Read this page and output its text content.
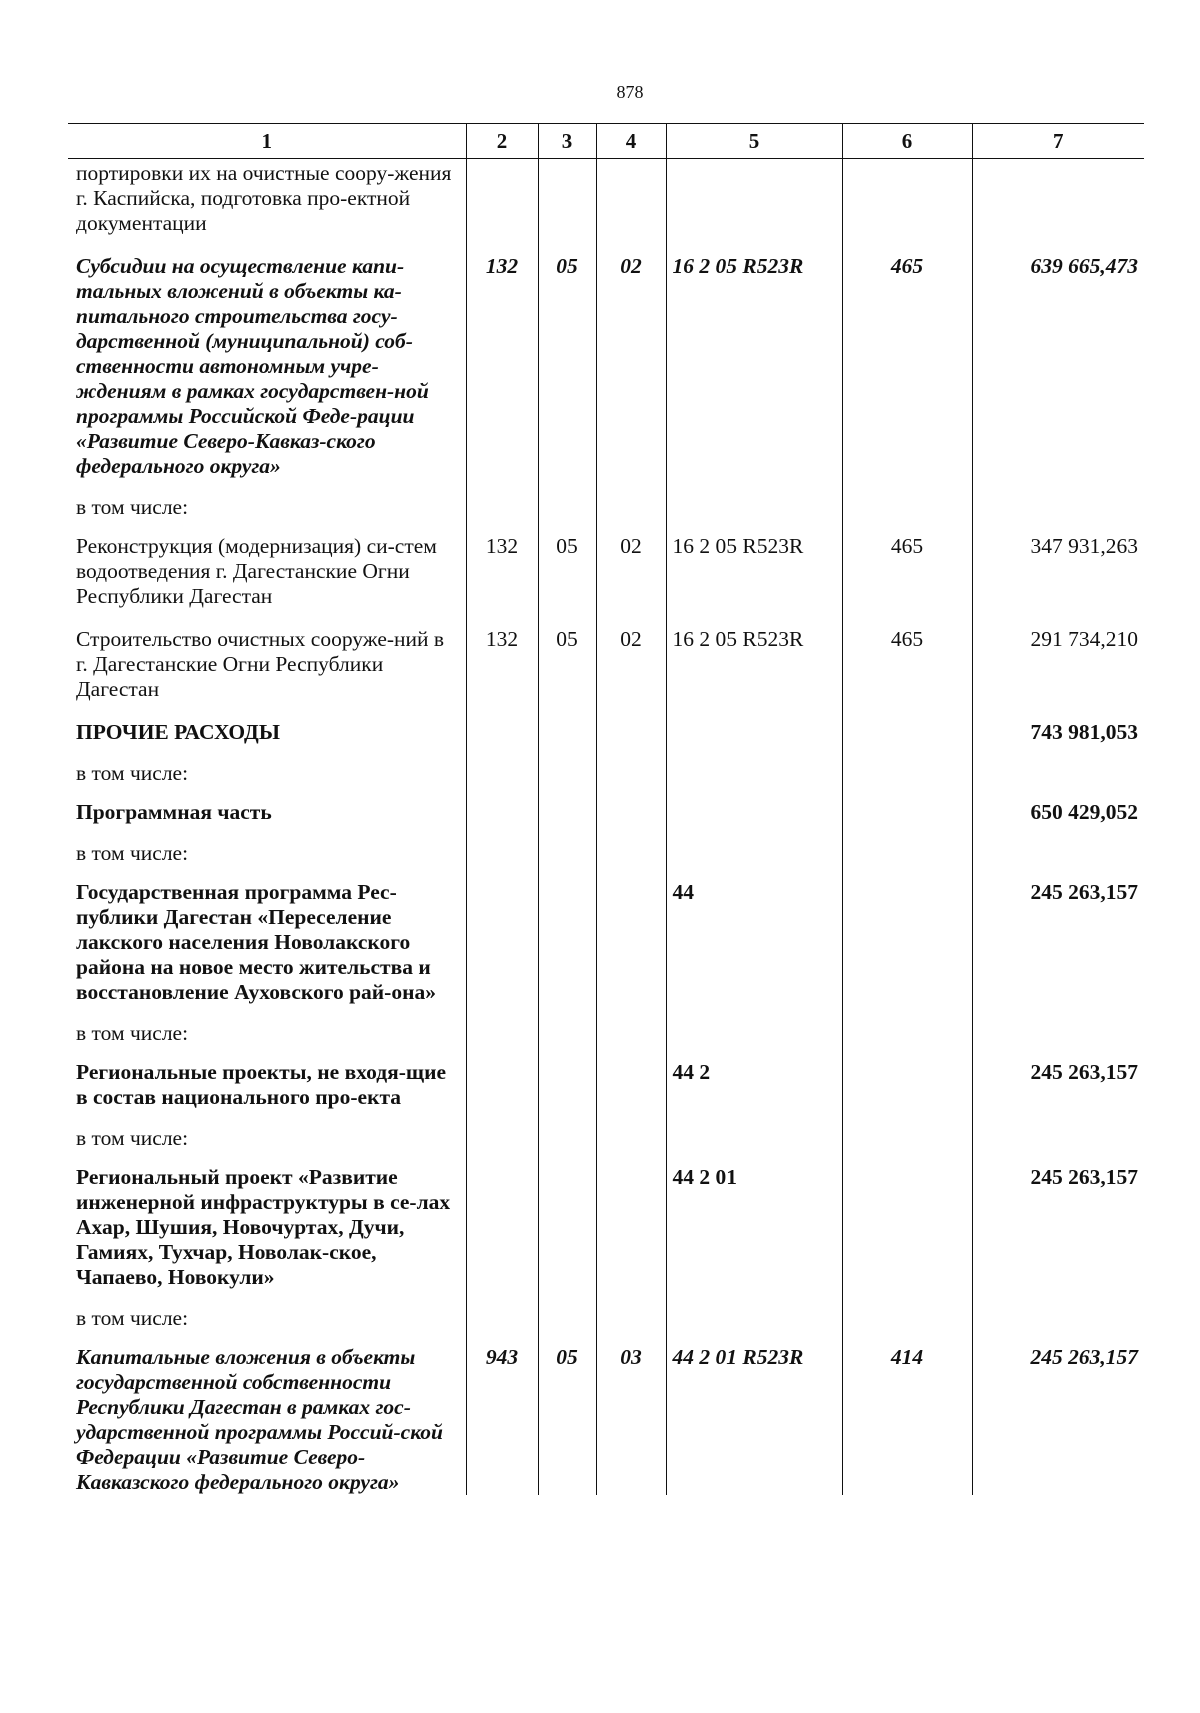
878
1	2	3	4	5	6	7
портировки их на очистные соору-жения г. Каспийска, подготовка про-ектной документации						
Субсидии на осуществление капи-тальных вложений в объекты ка-питального строительства госу-дарственной (муниципальной) соб-ственности автономным учре-ждениям в рамках государствен-ной программы Российской Феде-рации «Развитие Северо-Кавказ-ского федерального округа»	132	05	02	16 2 05 R523R	465	639 665,473
в том числе:						
Реконструкция (модернизация) си-стем водоотведения г. Дагестанские Огни Республики Дагестан	132	05	02	16 2 05 R523R	465	347 931,263
Строительство очистных сооруже-ний в
г. Дагестанские Огни Республики Дагестан	132	05	02	16 2 05 R523R	465	291 734,210
ПРОЧИЕ РАСХОДЫ						743 981,053
в том числе:						
Программная часть						650 429,052
в том числе:						
Государственная программа Рес-публики Дагестан «Переселение лакского населения Новолакского района на новое место жительства и восстановление Ауховского рай-она»				44		245 263,157
в том числе:						
Региональные проекты, не входя-щие в состав национального про-екта				44 2		245 263,157
в том числе:						
Региональный проект «Развитие инженерной инфраструктуры в се-лах Ахар, Шушия, Новочуртах, Дучи, Гамиях, Тухчар, Новолак-ское, Чапаево, Новокули»				44 2 01		245 263,157
в том числе:						
Капитальные вложения в объекты государственной собственности Республики Дагестан в рамках гос-ударственной программы Россий-ской Федерации «Развитие Северо-Кавказского федерального округа»	943	05	03	44 2 01 R523R	414	245 263,157
